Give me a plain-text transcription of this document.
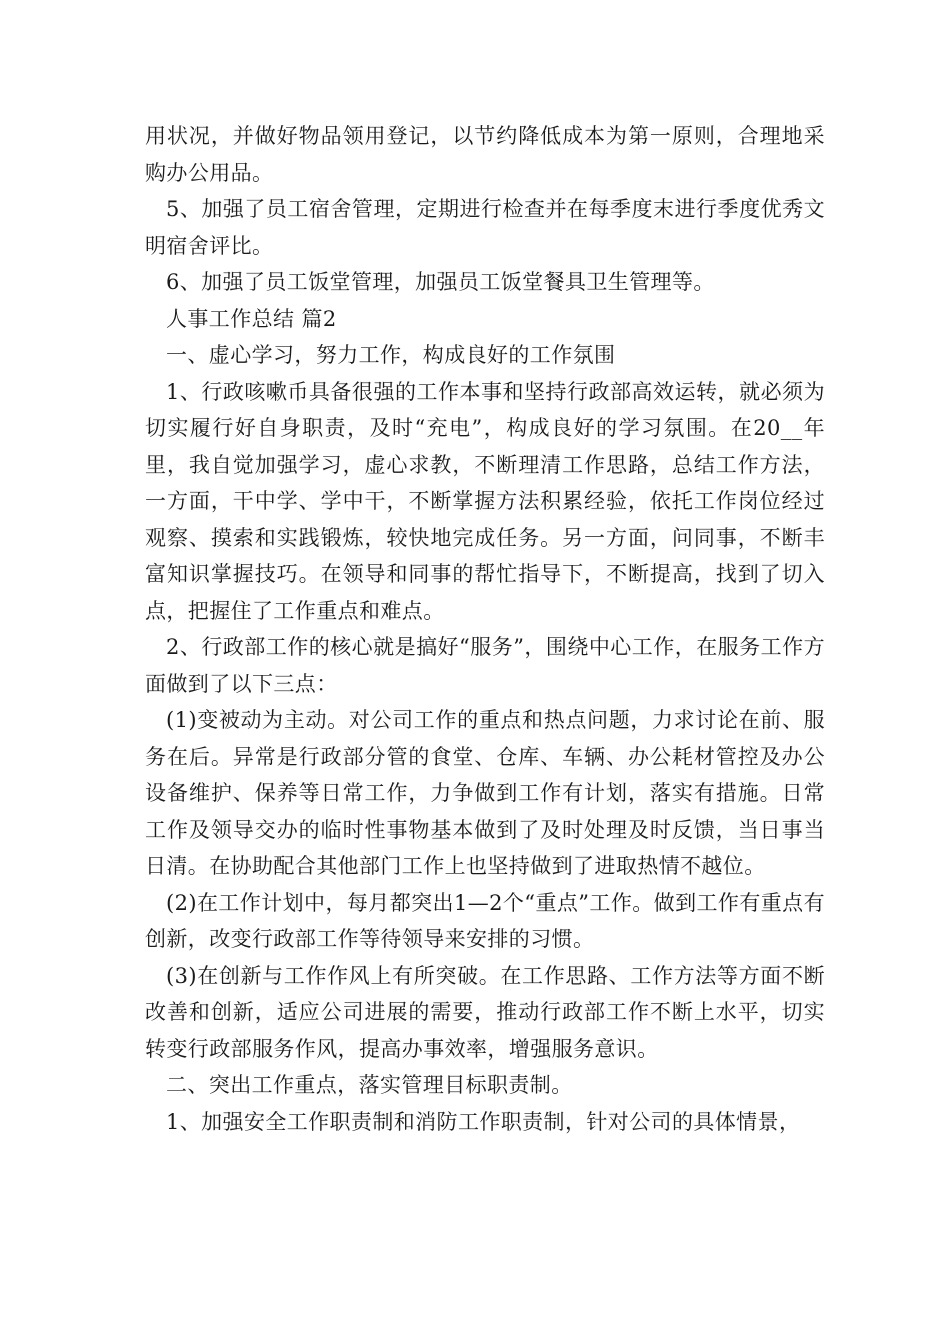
用状况，并做好物品领用登记，以节约降低成本为第一原则，合理地采购办公用品。

5、加强了员工宿舍管理，定期进行检查并在每季度末进行季度优秀文明宿舍评比。

6、加强了员工饭堂管理，加强员工饭堂餐具卫生管理等。

人事工作总结 篇2

一、虚心学习，努力工作，构成良好的工作氛围

1、行政咳嗽币具备很强的工作本事和坚持行政部高效运转，就必须为切实履行好自身职责，及时“充电”，构成良好的学习氛围。在20__年里，我自觉加强学习，虚心求教，不断理清工作思路，总结工作方法，一方面，干中学、学中干，不断掌握方法积累经验，依托工作岗位经过观察、摸索和实践锻炼，较快地完成任务。另一方面，问同事，不断丰富知识掌握技巧。在领导和同事的帮忙指导下，不断提高，找到了切入点，把握住了工作重点和难点。

2、行政部工作的核心就是搞好“服务”，围绕中心工作，在服务工作方面做到了以下三点：

(1)变被动为主动。对公司工作的重点和热点问题，力求讨论在前、服务在后。异常是行政部分管的食堂、仓库、车辆、办公耗材管控及办公设备维护、保养等日常工作，力争做到工作有计划，落实有措施。日常工作及领导交办的临时性事物基本做到了及时处理及时反馈，当日事当日清。在协助配合其他部门工作上也坚持做到了进取热情不越位。

(2)在工作计划中，每月都突出1—2个“重点”工作。做到工作有重点有创新，改变行政部工作等待领导来安排的习惯。

(3)在创新与工作作风上有所突破。在工作思路、工作方法等方面不断改善和创新，适应公司进展的需要，推动行政部工作不断上水平，切实转变行政部服务作风，提高办事效率，增强服务意识。

二、突出工作重点，落实管理目标职责制。

1、加强安全工作职责制和消防工作职责制，针对公司的具体情景，
